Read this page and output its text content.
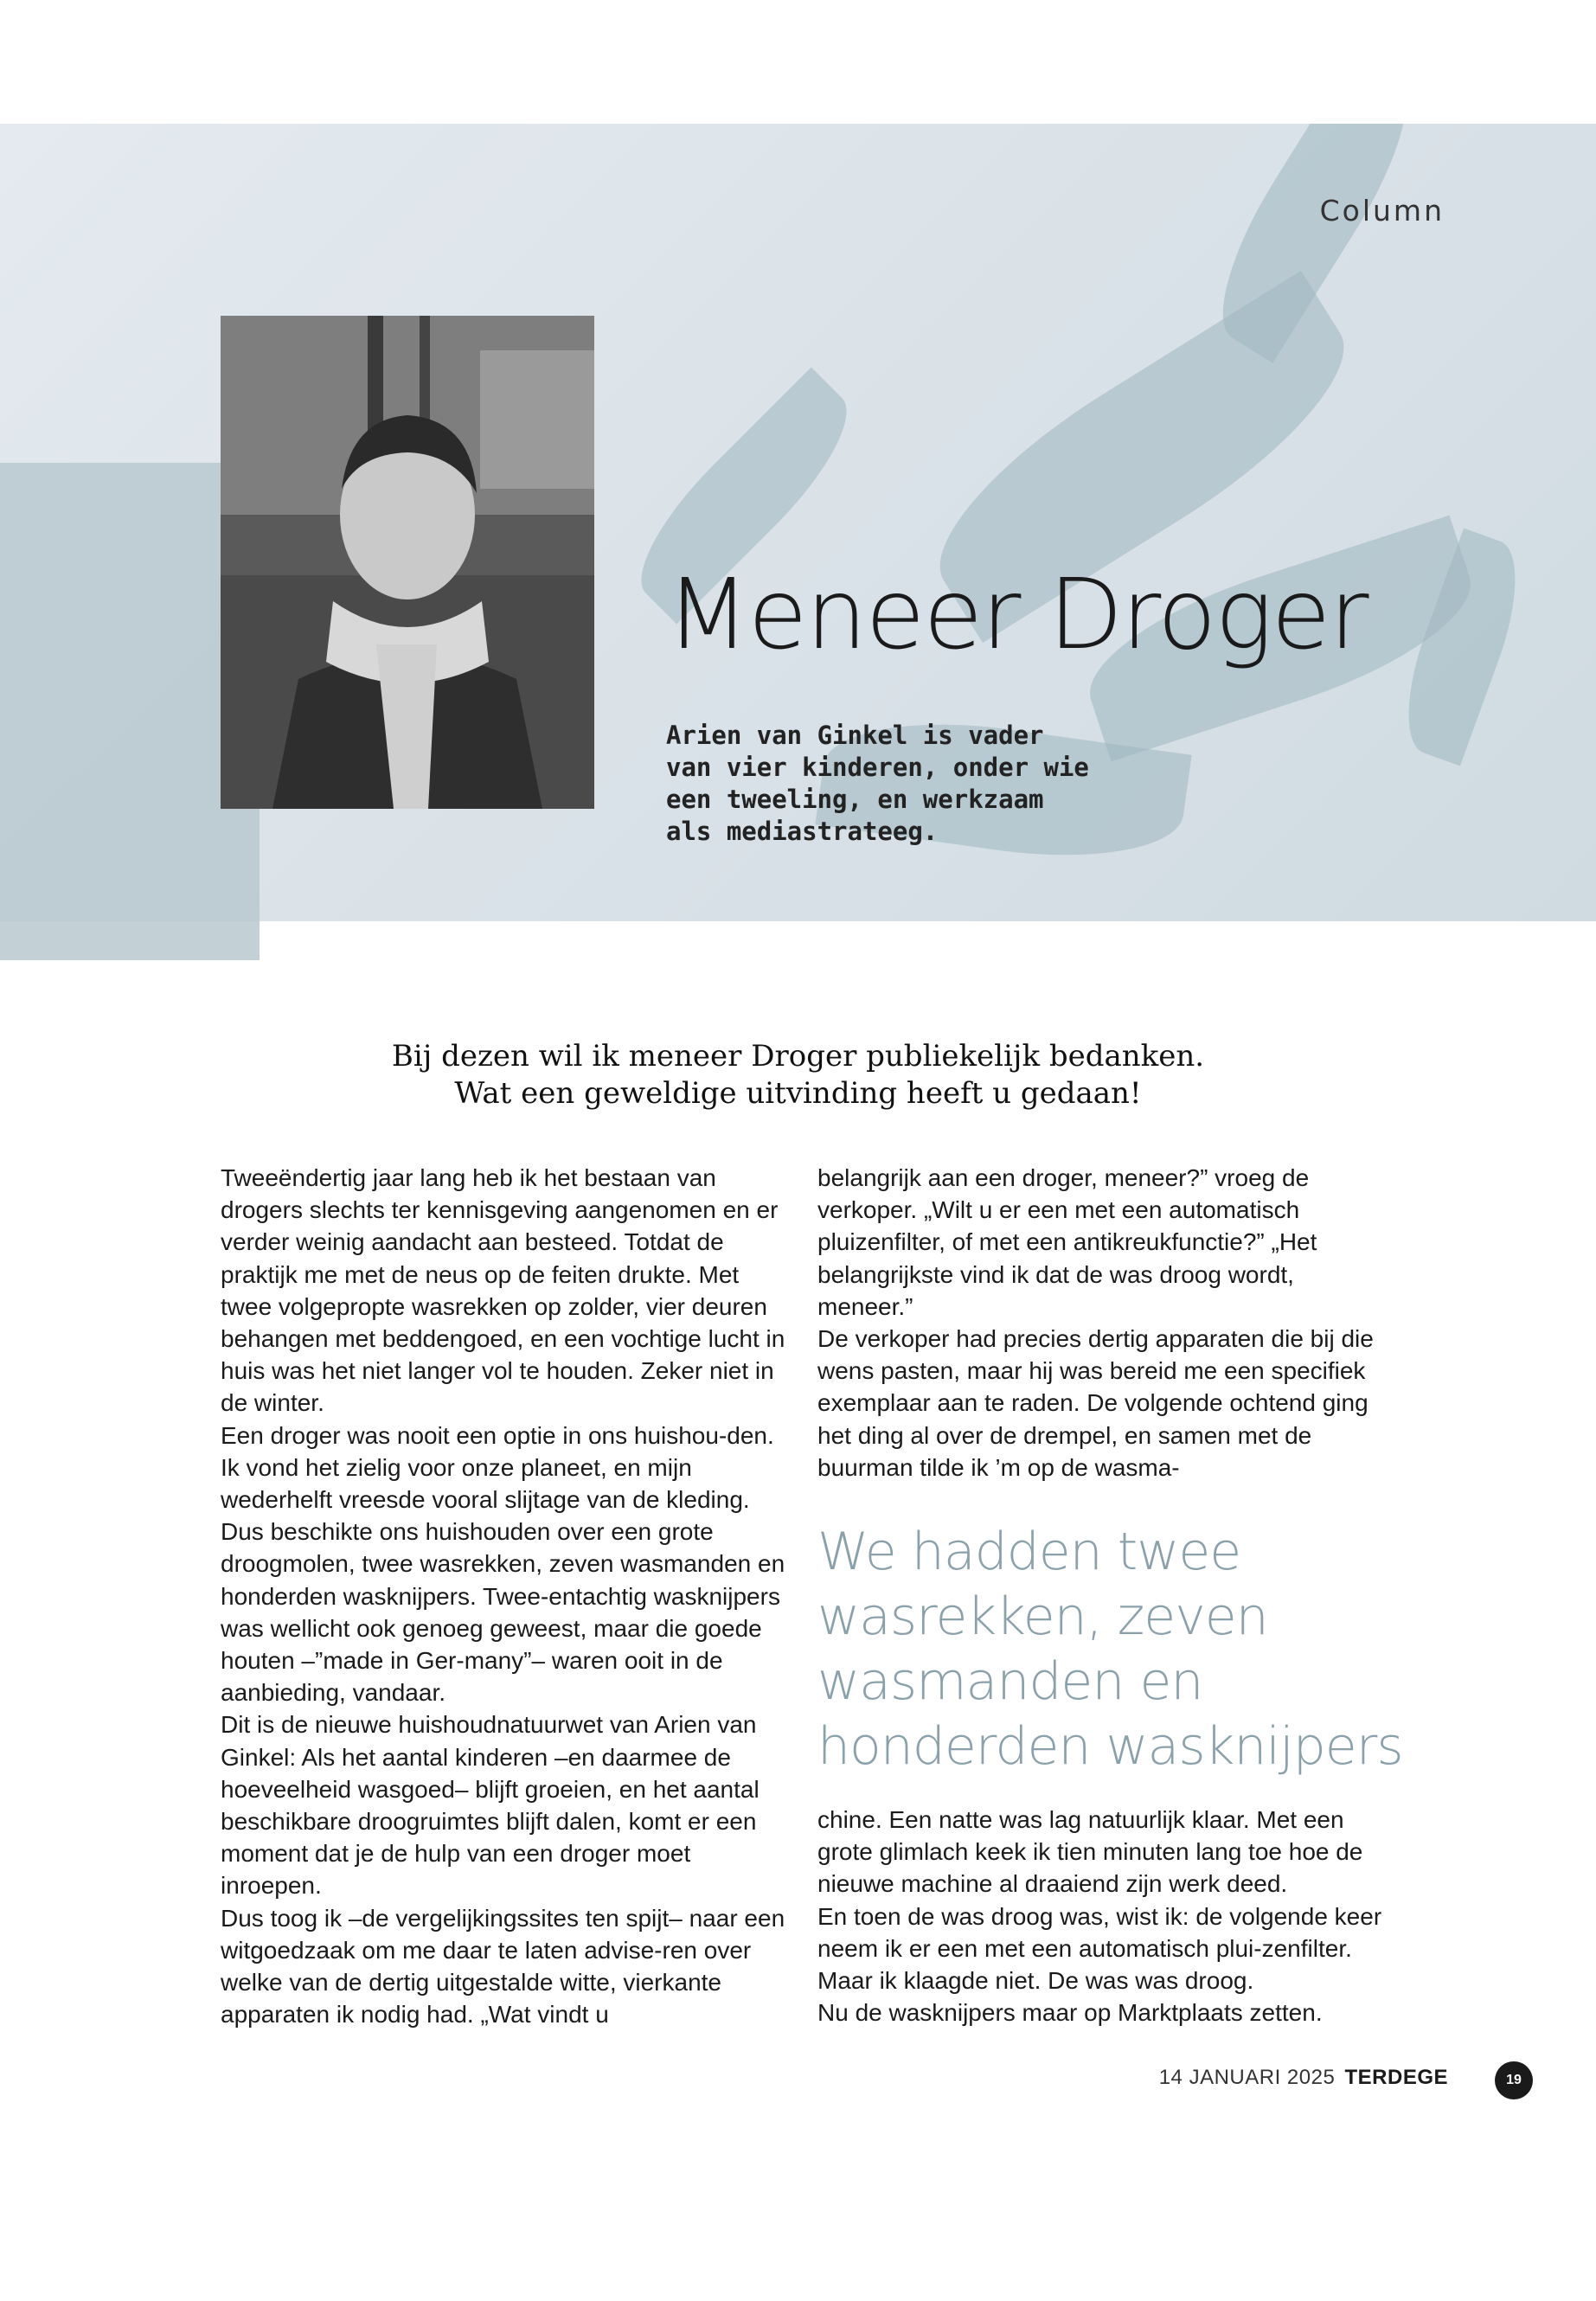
Column
Meneer Droger
Arien van Ginkel is vader
van vier kinderen, onder wie
een tweeling, en werkzaam
als mediastrateeg.
Bij dezen wil ik meneer Droger publiekelijk bedanken.
Wat een geweldige uitvinding heeft u gedaan!

Tweeëndertig jaar lang heb ik het bestaan van drogers slechts ter kennisgeving aangenomen en er verder weinig aandacht aan besteed. Totdat de praktijk me met de neus op de feiten drukte. Met twee volgepropte wasrekken op zolder, vier deuren behangen met beddengoed, en een vochtige lucht in huis was het niet langer vol te houden. Zeker niet in de winter.

Een droger was nooit een optie in ons huishou-den. Ik vond het zielig voor onze planeet, en mijn wederhelft vreesde vooral slijtage van de kleding. Dus beschikte ons huishouden over een grote droogmolen, twee wasrekken, zeven wasmanden en honderden wasknijpers. Twee-entachtig wasknijpers was wellicht ook genoeg geweest, maar die goede houten –”made in Ger-many”– waren ooit in de aanbieding, vandaar.

Dit is de nieuwe huishoudnatuurwet van Arien van Ginkel: Als het aantal kinderen –en daarmee de hoeveelheid wasgoed– blijft groeien, en het aantal beschikbare droogruimtes blijft dalen, komt er een moment dat je de hulp van een droger moet inroepen.

Dus toog ik –de vergelijkingssites ten spijt– naar een witgoedzaak om me daar te laten advise-ren over welke van de dertig uitgestalde witte, vierkante apparaten ik nodig had. „Wat vindt u

belangrijk aan een droger, meneer?” vroeg de verkoper. „Wilt u er een met een automatisch pluizenfilter, of met een antikreukfunctie?” „Het belangrijkste vind ik dat de was droog wordt, meneer.”

De verkoper had precies dertig apparaten die bij die wens pasten, maar hij was bereid me een specifiek exemplaar aan te raden. De volgende ochtend ging het ding al over de drempel, en samen met de buurman tilde ik ’m op de wasma-

We hadden twee wasrekken, zeven wasmanden en honderden wasknijpers

chine. Een natte was lag natuurlijk klaar. Met een grote glimlach keek ik tien minuten lang toe hoe de nieuwe machine al draaiend zijn werk deed.

En toen de was droog was, wist ik: de volgende keer neem ik er een met een automatisch plui-zenfilter. Maar ik klaagde niet. De was was droog.

Nu de wasknijpers maar op Marktplaats zetten.

14 JANUARI 2025 TERDEGE	19
